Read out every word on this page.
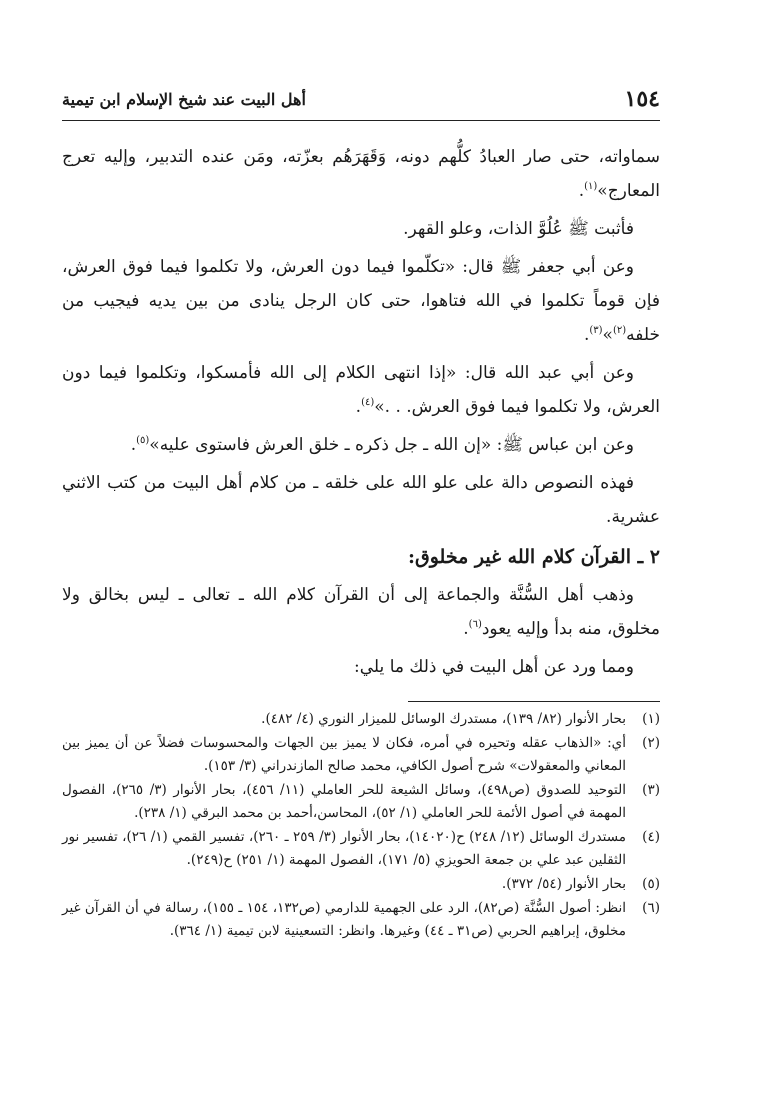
١٥٤
أهل البيت عند شيخ الإسلام ابن تيمية

سماواته، حتى صار العبادُ كلُّهم دونه، وَقَهَرَهُم بعزّته، ومَن عنده التدبير، وإليه تعرج المعارج»$^{(١)}$.

فأثبت ﷺ عُلُوَّ الذات، وعلو القهر.

وعن أبي جعفر ﷺ قال: «تكلّموا فيما دون العرش، ولا تكلموا فيما فوق العرش، فإن قوماً تكلموا في الله فتاهوا، حتى كان الرجل ينادى من بين يديه فيجيب من خلفه$^{(٢)}$»$^{(٣)}$.

وعن أبي عبد الله قال: «إذا انتهى الكلام إلى الله فأمسكوا، وتكلموا فيما دون العرش، ولا تكلموا فيما فوق العرش. . .»$^{(٤)}$.

وعن ابن عباس ﷺ: «إن الله ـ جل ذكره ـ خلق العرش فاستوى عليه»$^{(٥)}$.

فهذه النصوص دالة على علو الله على خلقه ـ من كلام أهل البيت من كتب الاثني عشرية.

٢ ـ القرآن كلام الله غير مخلوق:

وذهب أهل السُّنَّة والجماعة إلى أن القرآن كلام الله ـ تعالى ـ ليس بخالق ولا مخلوق، منه بدأ وإليه يعود$^{(٦)}$.

ومما ورد عن أهل البيت في ذلك ما يلي:

(١)
بحار الأنوار (٨٢/ ١٣٩)، مستدرك الوسائل للميزار النوري (٤/ ٤٨٢).
(٢)
أي: «الذهاب عقله وتحيره في أمره، فكان لا يميز بين الجهات والمحسوسات فضلاً عن أن يميز بين المعاني والمعقولات» شرح أصول الكافي، محمد صالح المازندراني (٣/ ١٥٣).
(٣)
التوحيد للصدوق (ص٤٩٨)، وسائل الشيعة للحر العاملي (١١/ ٤٥٦)، بحار الأنوار (٣/ ٢٦٥)، الفصول المهمة في أصول الأئمة للحر العاملي (١/ ٥٢)، المحاسن،أحمد بن محمد البرقي (١/ ٢٣٨).
(٤)
مستدرك الوسائل (١٢/ ٢٤٨) ح(١٤٠٢٠)، بحار الأنوار (٣/ ٢٥٩ ـ ٢٦٠)، تفسير القمي (١/ ٢٦)، تفسير نور الثقلين عبد علي بن جمعة الحويزي (٥/ ١٧١)، الفصول المهمة (١/ ٢٥١) ح(٢٤٩).
(٥)
بحار الأنوار (٥٤/ ٣٧٢).
(٦)
انظر: أصول السُّنَّة (ص٨٢)، الرد على الجهمية للدارمي (ص١٣٢، ١٥٤ ـ ١٥٥)، رسالة في أن القرآن غير مخلوق، إبراهيم الحربي (ص٣١ ـ ٤٤) وغيرها. وانظر: التسعينية لابن تيمية (١/ ٣٦٤).
